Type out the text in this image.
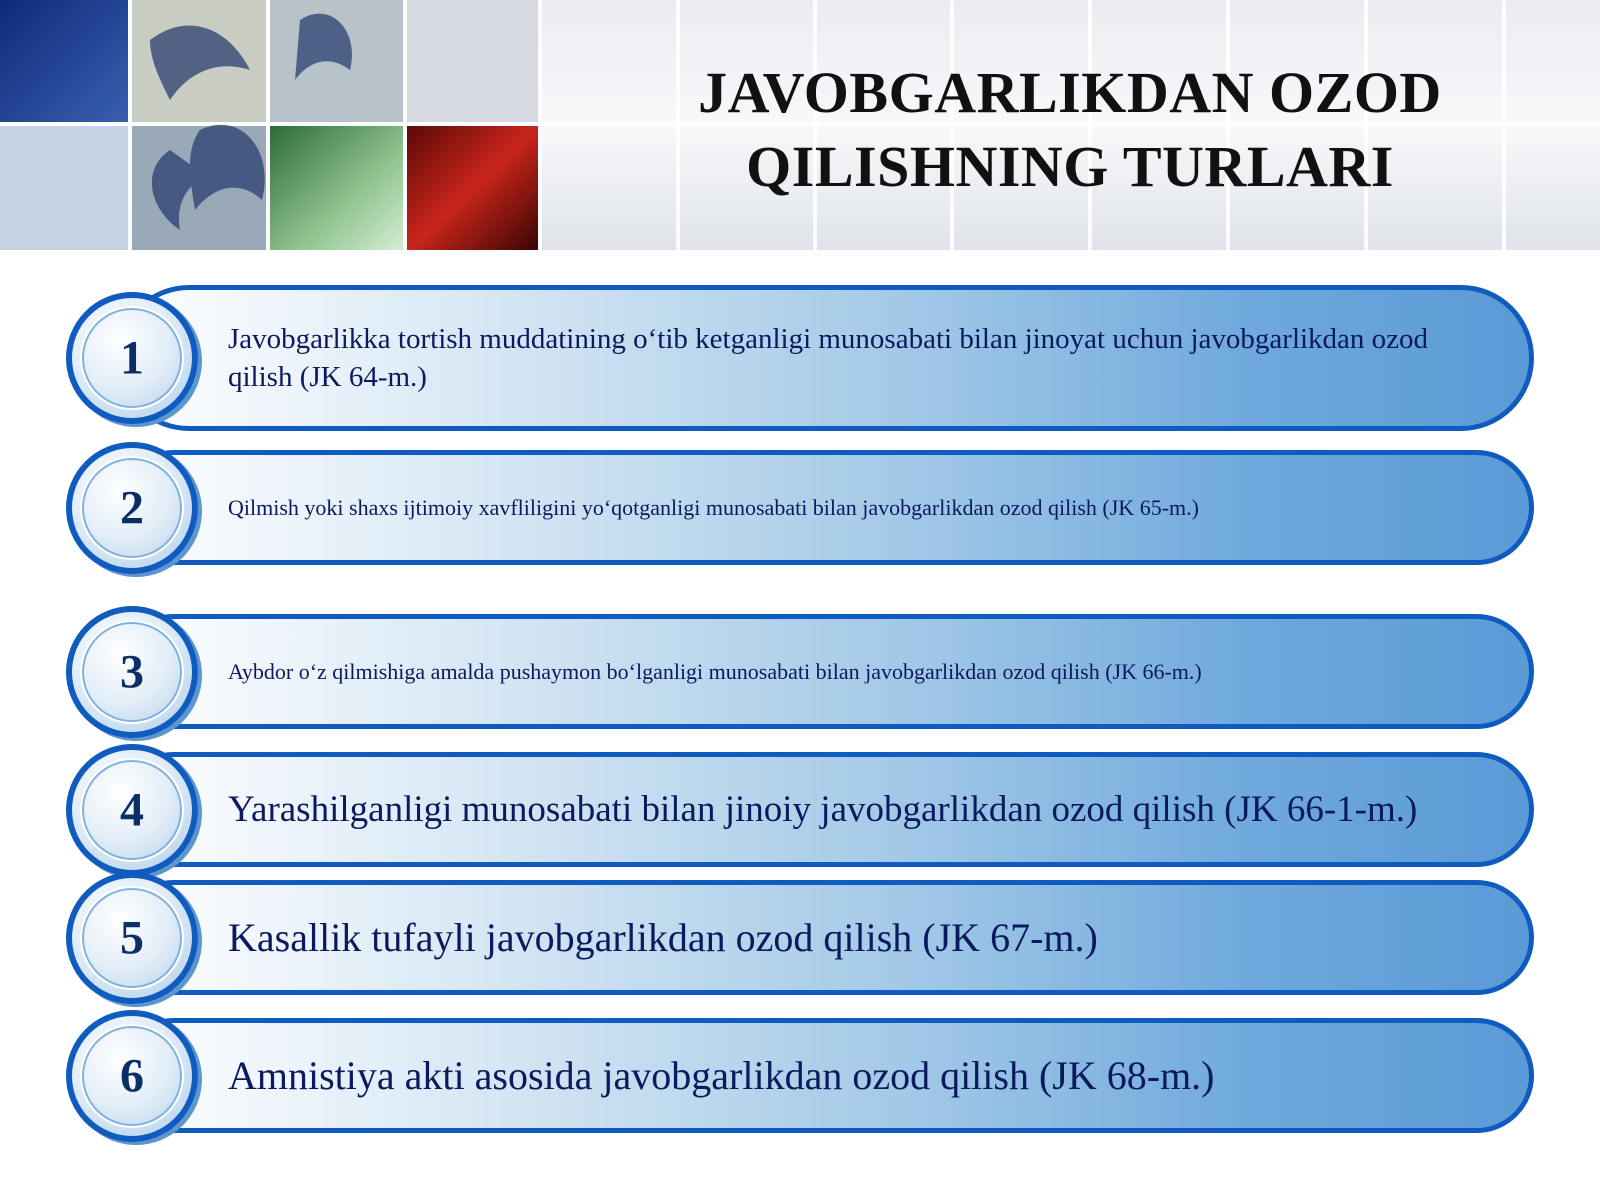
JAVOBGARLIKDAN OZOD
QILISHNING TURLARI
1	Javobgarlikka tortish muddatining o‘tib ketganligi munosabati bilan jinoyat uchun javobgarlikdan ozod qilish (JK 64-m.)
2	Qilmish yoki shaxs ijtimoiy xavfliligini yo‘qotganligi munosabati bilan javobgarlikdan ozod qilish (JK 65-m.)
3	Aybdor o‘z qilmishiga amalda pushaymon bo‘lganligi munosabati bilan javobgarlikdan ozod qilish (JK 66-m.)
4	Yarashilganligi munosabati bilan jinoiy javobgarlikdan ozod qilish (JK 66-1-m.)
5	Kasallik tufayli javobgarlikdan ozod qilish (JK 67-m.)
6	Amnistiya akti asosida javobgarlikdan ozod qilish (JK 68-m.)
